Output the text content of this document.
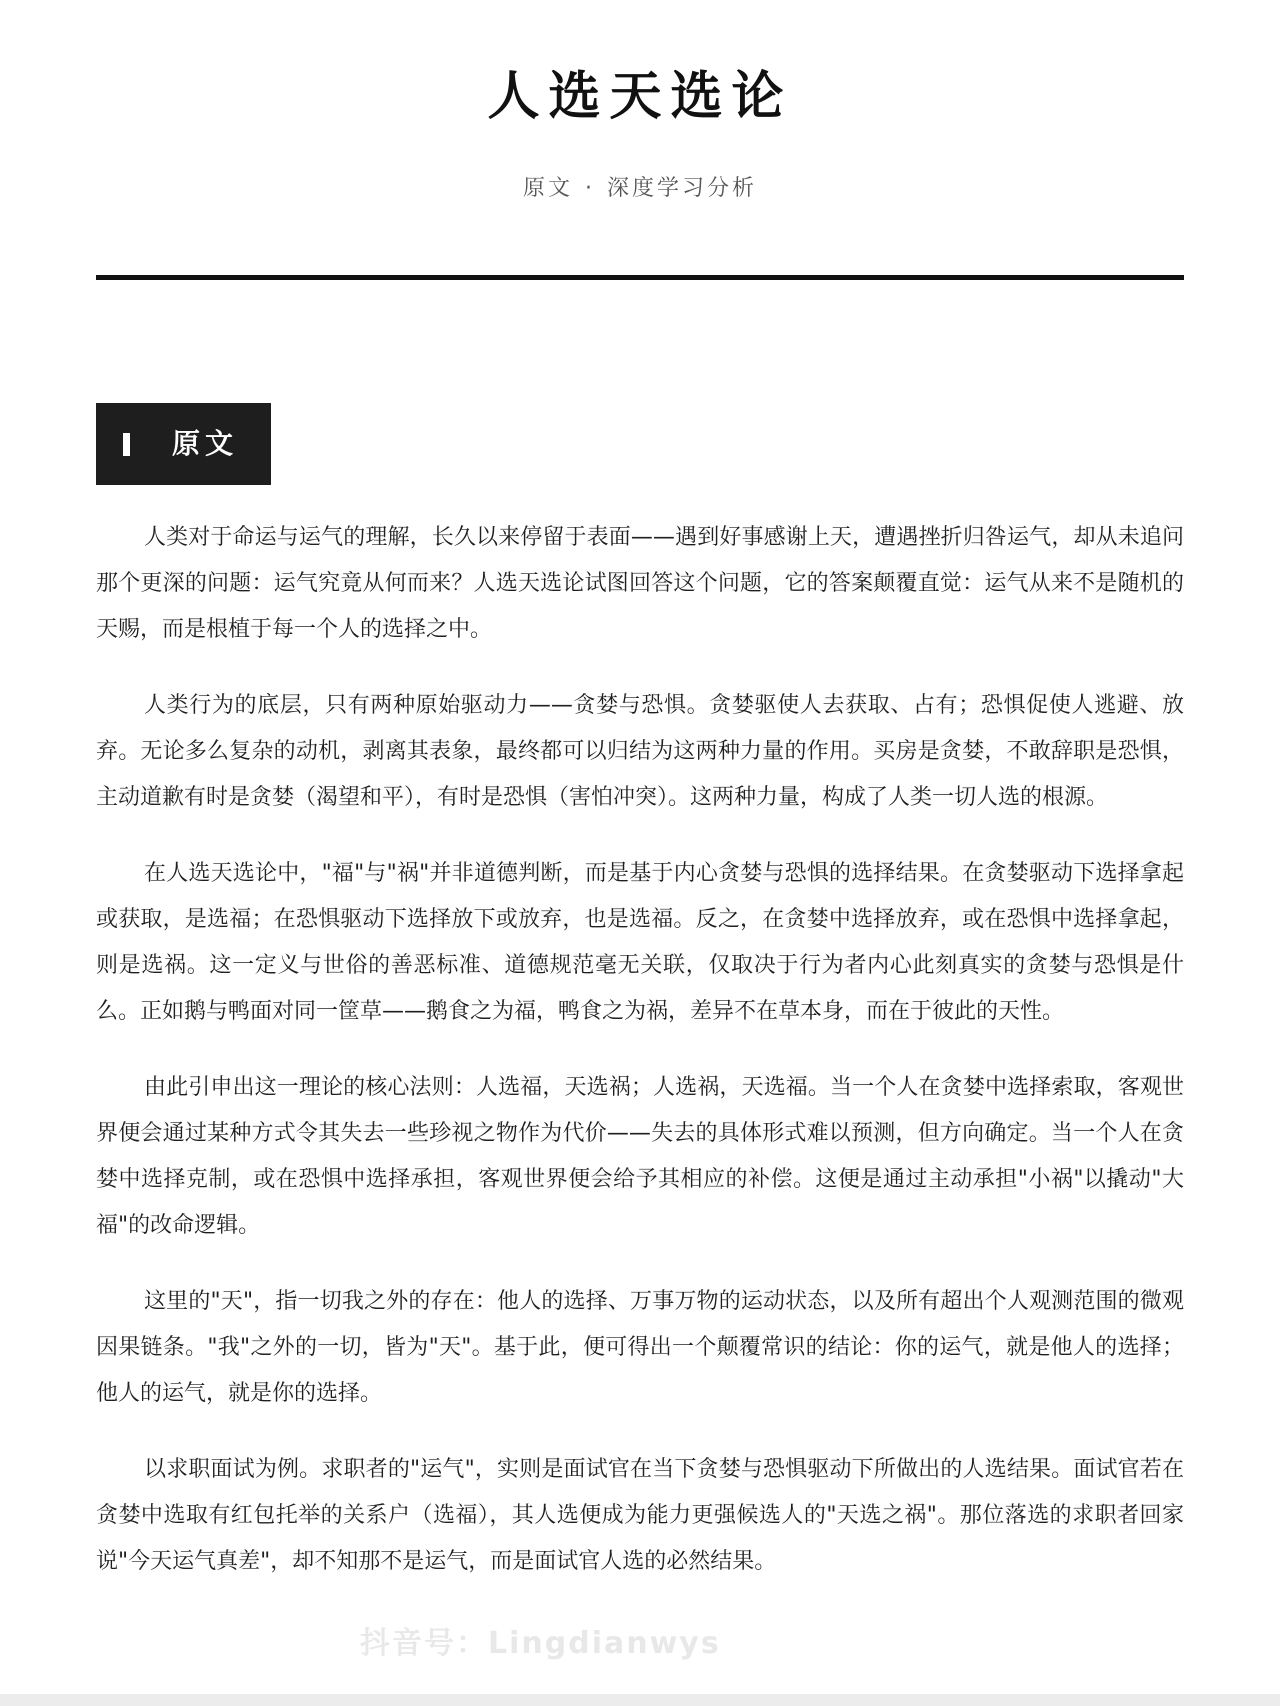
人选天选论
原文 · 深度学习分析
原文

人类对于命运与运气的理解，长久以来停留于表面——遇到好事感谢上天，遭遇挫折归咎运气，却从未追问那个更深的问题：运气究竟从何而来？人选天选论试图回答这个问题，它的答案颠覆直觉：运气从来不是随机的天赐，而是根植于每一个人的选择之中。

人类行为的底层，只有两种原始驱动力——贪婪与恐惧。贪婪驱使人去获取、占有；恐惧促使人逃避、放弃。无论多么复杂的动机，剥离其表象，最终都可以归结为这两种力量的作用。买房是贪婪，不敢辞职是恐惧，主动道歉有时是贪婪（渴望和平），有时是恐惧（害怕冲突）。这两种力量，构成了人类一切人选的根源。

在人选天选论中，"福"与"祸"并非道德判断，而是基于内心贪婪与恐惧的选择结果。在贪婪驱动下选择拿起或获取，是选福；在恐惧驱动下选择放下或放弃，也是选福。反之，在贪婪中选择放弃，或在恐惧中选择拿起，则是选祸。这一定义与世俗的善恶标准、道德规范毫无关联，仅取决于行为者内心此刻真实的贪婪与恐惧是什么。正如鹅与鸭面对同一筐草——鹅食之为福，鸭食之为祸，差异不在草本身，而在于彼此的天性。

由此引申出这一理论的核心法则：人选福，天选祸；人选祸，天选福。当一个人在贪婪中选择索取，客观世界便会通过某种方式令其失去一些珍视之物作为代价——失去的具体形式难以预测，但方向确定。当一个人在贪婪中选择克制，或在恐惧中选择承担，客观世界便会给予其相应的补偿。这便是通过主动承担"小祸"以撬动"大福"的改命逻辑。

这里的"天"，指一切我之外的存在：他人的选择、万事万物的运动状态，以及所有超出个人观测范围的微观因果链条。"我"之外的一切，皆为"天"。基于此，便可得出一个颠覆常识的结论：你的运气，就是他人的选择；他人的运气，就是你的选择。

以求职面试为例。求职者的"运气"，实则是面试官在当下贪婪与恐惧驱动下所做出的人选结果。面试官若在贪婪中选取有红包托举的关系户（选福），其人选便成为能力更强候选人的"天选之祸"。那位落选的求职者回家说"今天运气真差"，却不知那不是运气，而是面试官人选的必然结果。

抖音号：Lingdianwys
